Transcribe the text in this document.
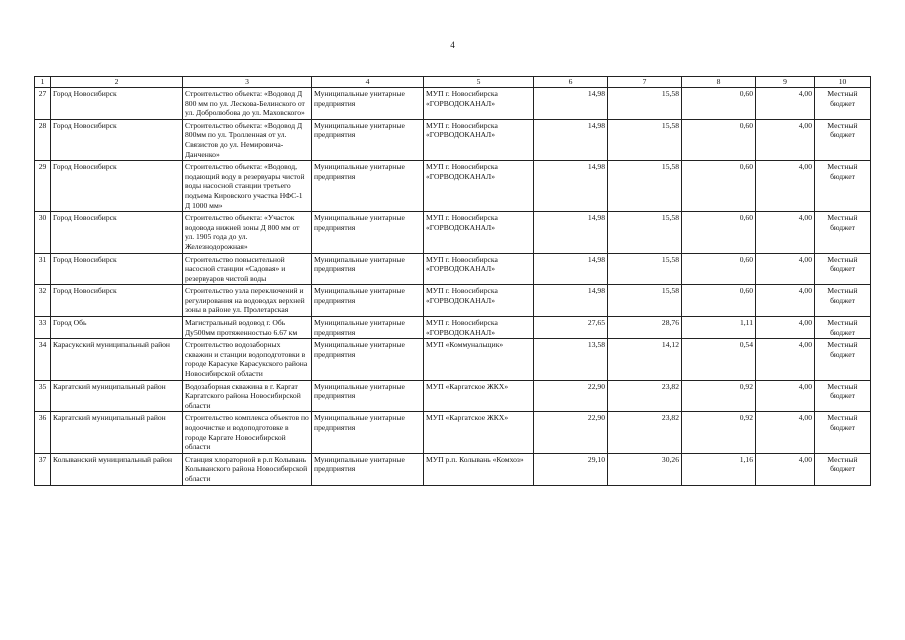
4
1	2	3	4	5	6	7	8	9	10
27	Город Новосибирск	Строительство объекта: «Водовод Д 800 мм по ул. Лескова-Белинского от ул. Добролюбова до ул. Маховского»	Муниципальные унитарные предприятия	МУП г. Новосибирска «ГОРВОДОКАНАЛ»	14,98	15,58	0,60	4,00	Местный бюджет
28	Город Новосибирск	Строительство объекта: «Водовод Д 800мм по ул. Тролленная от ул. Связистов до ул. Немировича-Данченко»	Муниципальные унитарные предприятия	МУП г. Новосибирска «ГОРВОДОКАНАЛ»	14,98	15,58	0,60	4,00	Местный бюджет
29	Город Новосибирск	Строительство объекта: «Водовод, подающий воду в резервуары чистой воды насосной станции третьего подъема Кировского участка НФС-1 Д 1000 мм»	Муниципальные унитарные предприятия	МУП г. Новосибирска «ГОРВОДОКАНАЛ»	14,98	15,58	0,60	4,00	Местный бюджет
30	Город Новосибирск	Строительство объекта: «Участок водовода нижней зоны Д 800 мм от ул. 1905 года до ул. Железнодорожная»	Муниципальные унитарные предприятия	МУП г. Новосибирска «ГОРВОДОКАНАЛ»	14,98	15,58	0,60	4,00	Местный бюджет
31	Город Новосибирск	Строительство повысительной насосной станции «Садовая» и резервуаров чистой воды	Муниципальные унитарные предприятия	МУП г. Новосибирска «ГОРВОДОКАНАЛ»	14,98	15,58	0,60	4,00	Местный бюджет
32	Город Новосибирск	Строительство узла переключений и регулирования на водоводах верхней зоны в районе ул. Пролетарская	Муниципальные унитарные предприятия	МУП г. Новосибирска «ГОРВОДОКАНАЛ»	14,98	15,58	0,60	4,00	Местный бюджет
33	Город Обь	Магистральный водовод г. Обь Ду500мм протяженностью 6.67 км	Муниципальные унитарные предприятия	МУП г. Новосибирска «ГОРВОДОКАНАЛ»	27,65	28,76	1,11	4,00	Местный бюджет
34	Карасукский муниципальный район	Строительство водозаборных скважин и станции водоподготовки в городе Карасуке Карасукского района Новосибирской области	Муниципальные унитарные предприятия	МУП «Коммунальщик»	13,58	14,12	0,54	4,00	Местный бюджет
35	Каргатский муниципальный район	Водозаборная скважина в г. Каргат Каргатского района Новосибирской области	Муниципальные унитарные предприятия	МУП «Каргатское ЖКХ»	22,90	23,82	0,92	4,00	Местный бюджет
36	Каргатский муниципальный район	Строительство комплекса объектов по водоочистке и водоподготовке в городе Каргате Новосибирской области	Муниципальные унитарные предприятия	МУП «Каргатское ЖКХ»	22,90	23,82	0,92	4,00	Местный бюджет
37	Колыванский муниципальный район	Станция хлораторной в р.п Колывань Колыванского района Новосибирской области	Муниципальные унитарные предприятия	МУП р.п. Колывань «Комхоз»	29,10	30,26	1,16	4,00	Местный бюджет
